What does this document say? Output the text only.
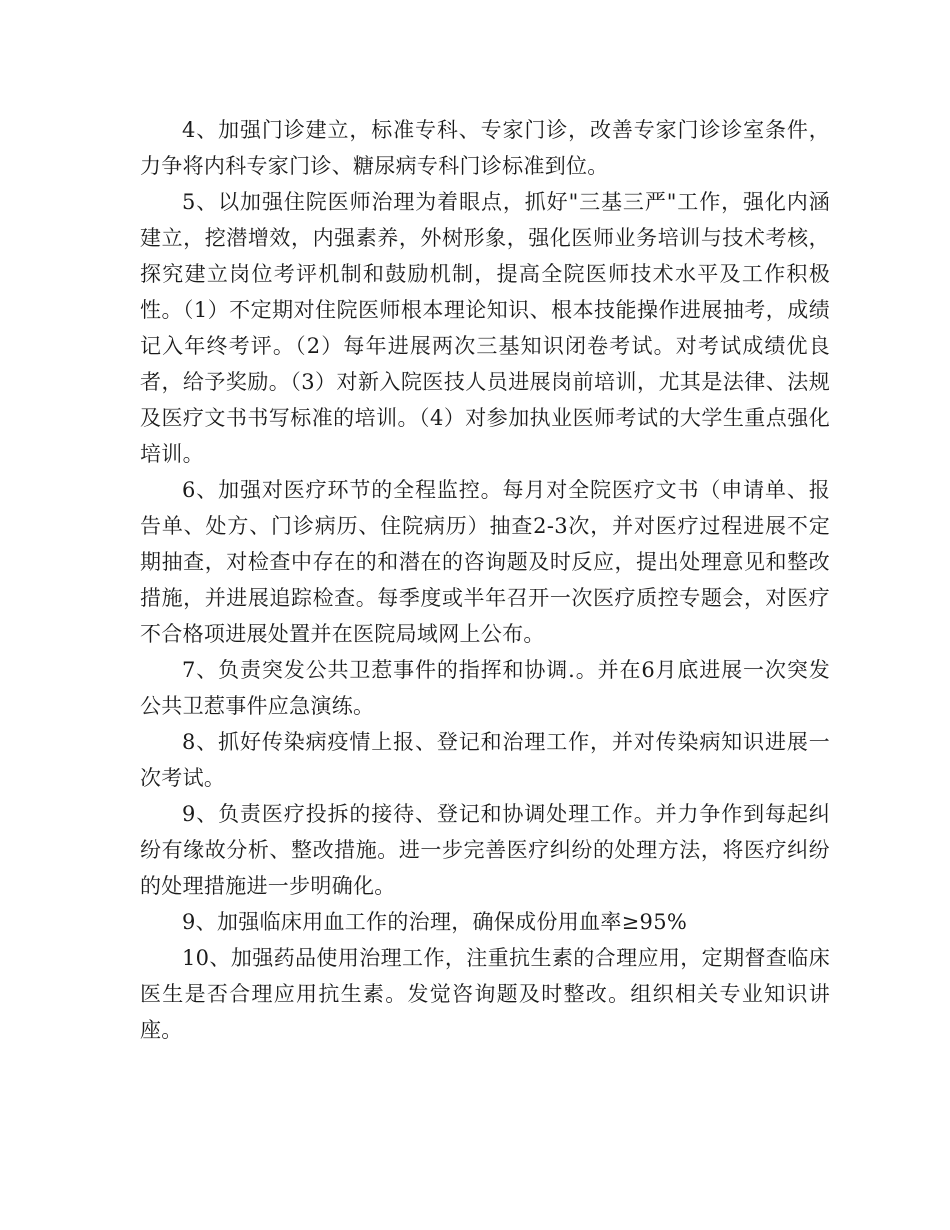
4、加强门诊建立，标准专科、专家门诊，改善专家门诊诊室条件，力争将内科专家门诊、糖尿病专科门诊标准到位。

5、以加强住院医师治理为着眼点，抓好"三基三严"工作，强化内涵建立，挖潜增效，内强素养，外树形象，强化医师业务培训与技术考核，探究建立岗位考评机制和鼓励机制，提高全院医师技术水平及工作积极性。（1）不定期对住院医师根本理论知识、根本技能操作进展抽考，成绩记入年终考评。（2）每年进展两次三基知识闭卷考试。对考试成绩优良者，给予奖励。（3）对新入院医技人员进展岗前培训，尤其是法律、法规及医疗文书书写标准的培训。（4）对参加执业医师考试的大学生重点强化培训。

6、加强对医疗环节的全程监控。每月对全院医疗文书（申请单、报告单、处方、门诊病历、住院病历）抽查2-3次，并对医疗过程进展不定期抽查，对检查中存在的和潜在的咨询题及时反应，提出处理意见和整改措施，并进展追踪检查。每季度或半年召开一次医疗质控专题会，对医疗不合格项进展处置并在医院局域网上公布。

7、负责突发公共卫惹事件的指挥和协调.。并在6月底进展一次突发公共卫惹事件应急演练。

8、抓好传染病疫情上报、登记和治理工作，并对传染病知识进展一次考试。

9、负责医疗投拆的接待、登记和协调处理工作。并力争作到每起纠纷有缘故分析、整改措施。进一步完善医疗纠纷的处理方法，将医疗纠纷的处理措施进一步明确化。

9、加强临床用血工作的治理，确保成份用血率≥95%

10、加强药品使用治理工作，注重抗生素的合理应用，定期督查临床医生是否合理应用抗生素。发觉咨询题及时整改。组织相关专业知识讲座。
